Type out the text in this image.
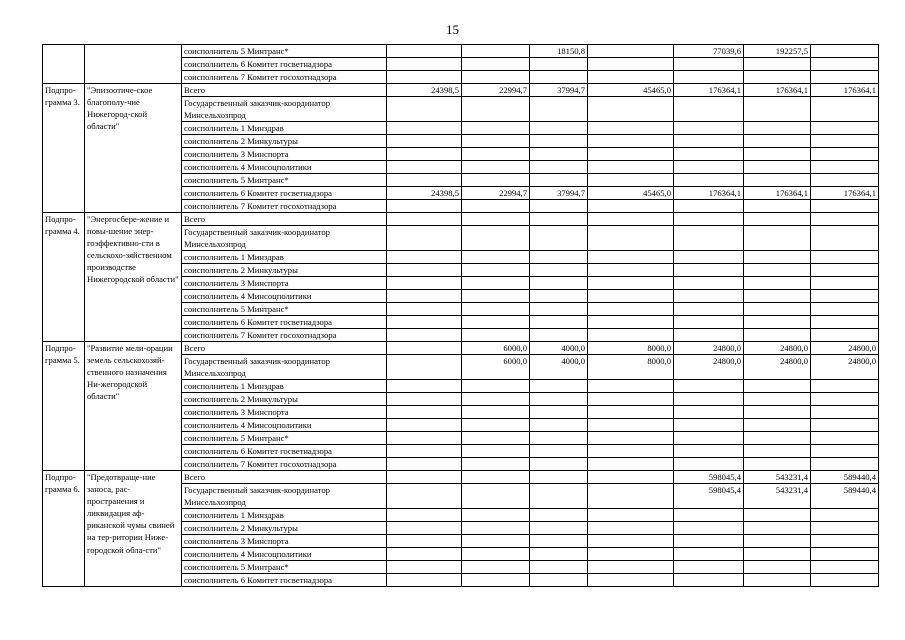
15
		соисполнитель 5 Минтранс*			18150,8		77039,6	192257,5	
		соисполнитель 6 Комитет госветнадзора							
		соисполнитель 7 Комитет госохотнадзора							
Подпро-грамма 3.	"Эпизоотиче-ское благополу-чие Нижегород-ской области"	Всего	24398,5	22994,7	37994,7	45465,0	176364,1	176364,1	176364,1
		Государственный заказчик-координатор Минсельхозпрод							
		соисполнитель 1 Минздрав							
		соисполнитель 2 Минкультуры							
		соисполнитель 3 Минспорта							
		соисполнитель 4 Минсоцполитики							
		соисполнитель 5 Минтранс*							
		соисполнитель 6 Комитет госветнадзора	24398,5	22994,7	37994,7	45465,0	176364,1	176364,1	176364,1
		соисполнитель 7 Комитет госохотнадзора							
Подпро-грамма 4.	"Энергосбере-жение и повы-шение энер-гоэффективно-сти в сельскохо-зяйственном производстве Нижегородской области"	Всего							
		Государственный заказчик-координатор Минсельхозпрод							
		соисполнитель 1 Минздрав							
		соисполнитель 2 Минкультуры							
		соисполнитель 3 Минспорта							
		соисполнитель 4 Минсоцполитики							
		соисполнитель 5 Минтранс*							
		соисполнитель 6 Комитет госветнадзора							
		соисполнитель 7 Комитет госохотнадзора							
Подпро-грамма 5.	"Развитие мели-орации земель сельскохозяй-ственного назначения Ни-жегородской области"	Всего		6000,0	4000,0	8000,0	24800,0	24800,0	24800,0
		Государственный заказчик-координатор Минсельхозпрод		6000,0	4000,0	8000,0	24800,0	24800,0	24800,0
		соисполнитель 1 Минздрав							
		соисполнитель 2 Минкультуры							
		соисполнитель 3 Минспорта							
		соисполнитель 4 Минсоцполитики							
		соисполнитель 5 Минтранс*							
		соисполнитель 6 Комитет госветнадзора							
		соисполнитель 7 Комитет госохотнадзора							
Подпро-грамма 6.	"Предотвраще-ние заноса, рас-пространения и ликвидация аф-риканской чумы свиней на тер-ритории Ниже-городской обла-сти"	Всего					598045,4	543231,4	589440,4
		Государственный заказчик-координатор Минсельхозпрод					598045,4	543231,4	589440,4
		соисполнитель 1 Минздрав							
		соисполнитель 2 Минкультуры							
		соисполнитель 3 Минспорта							
		соисполнитель 4 Минсоцполитики							
		соисполнитель 5 Минтранс*							
		соисполнитель 6 Комитет госветнадзора							
